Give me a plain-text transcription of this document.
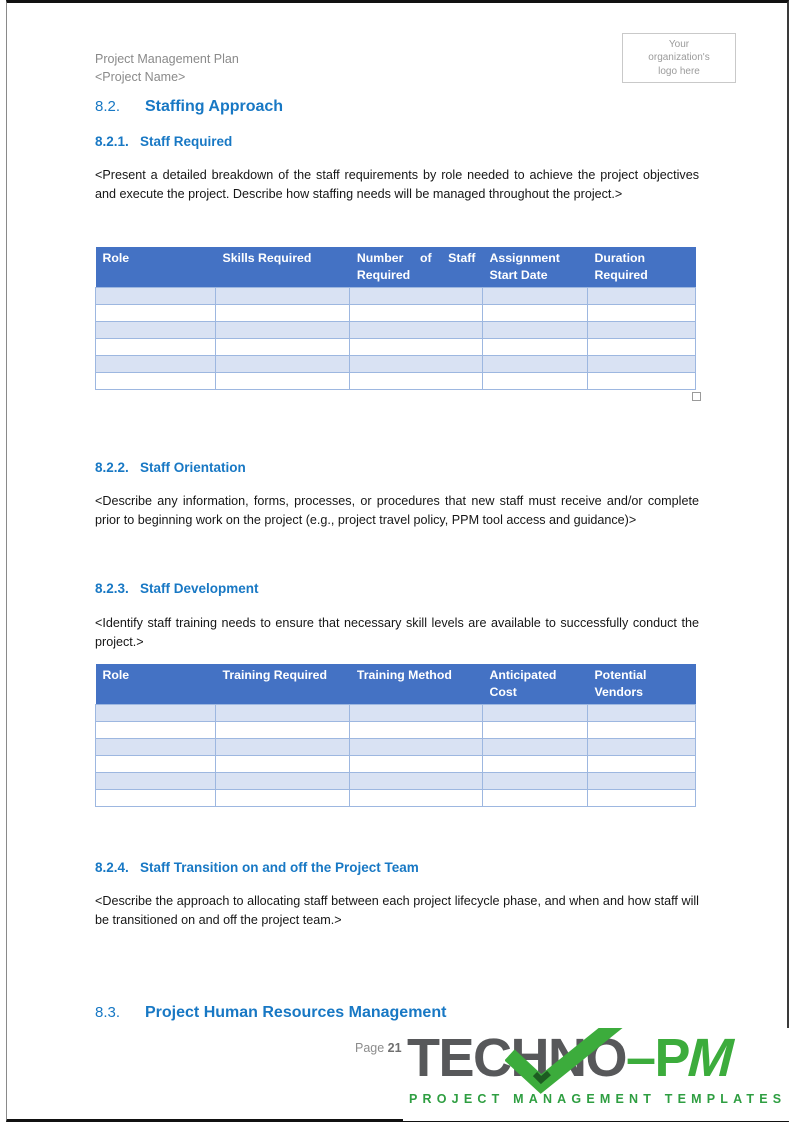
Project Management Plan
<Project Name>
Your
organization's
logo here
8.2. Staffing Approach
8.2.1. Staff Required
<Present a detailed breakdown of the staff requirements by role needed to achieve the project objectives and execute the project. Describe how staffing needs will be managed throughout the project.>
Role	Skills Required	Number of Staff Required	Assignment Start Date	Duration Required

8.2.2. Staff Orientation
<Describe any information, forms, processes, or procedures that new staff must receive and/or complete prior to beginning work on the project (e.g., project travel policy, PPM tool access and guidance)>
8.2.3. Staff Development
<Identify staff training needs to ensure that necessary skill levels are available to successfully conduct the project.>
Role	Training Required	Training Method	Anticipated Cost	Potential Vendors

8.2.4. Staff Transition on and off the Project Team
<Describe the approach to allocating staff between each project lifecycle phase, and when and how staff will be transitioned on and off the project team.>
8.3. Project Human Resources Management
Page 21 TECHNO–PM
PROJECT MANAGEMENT TEMPLATES
